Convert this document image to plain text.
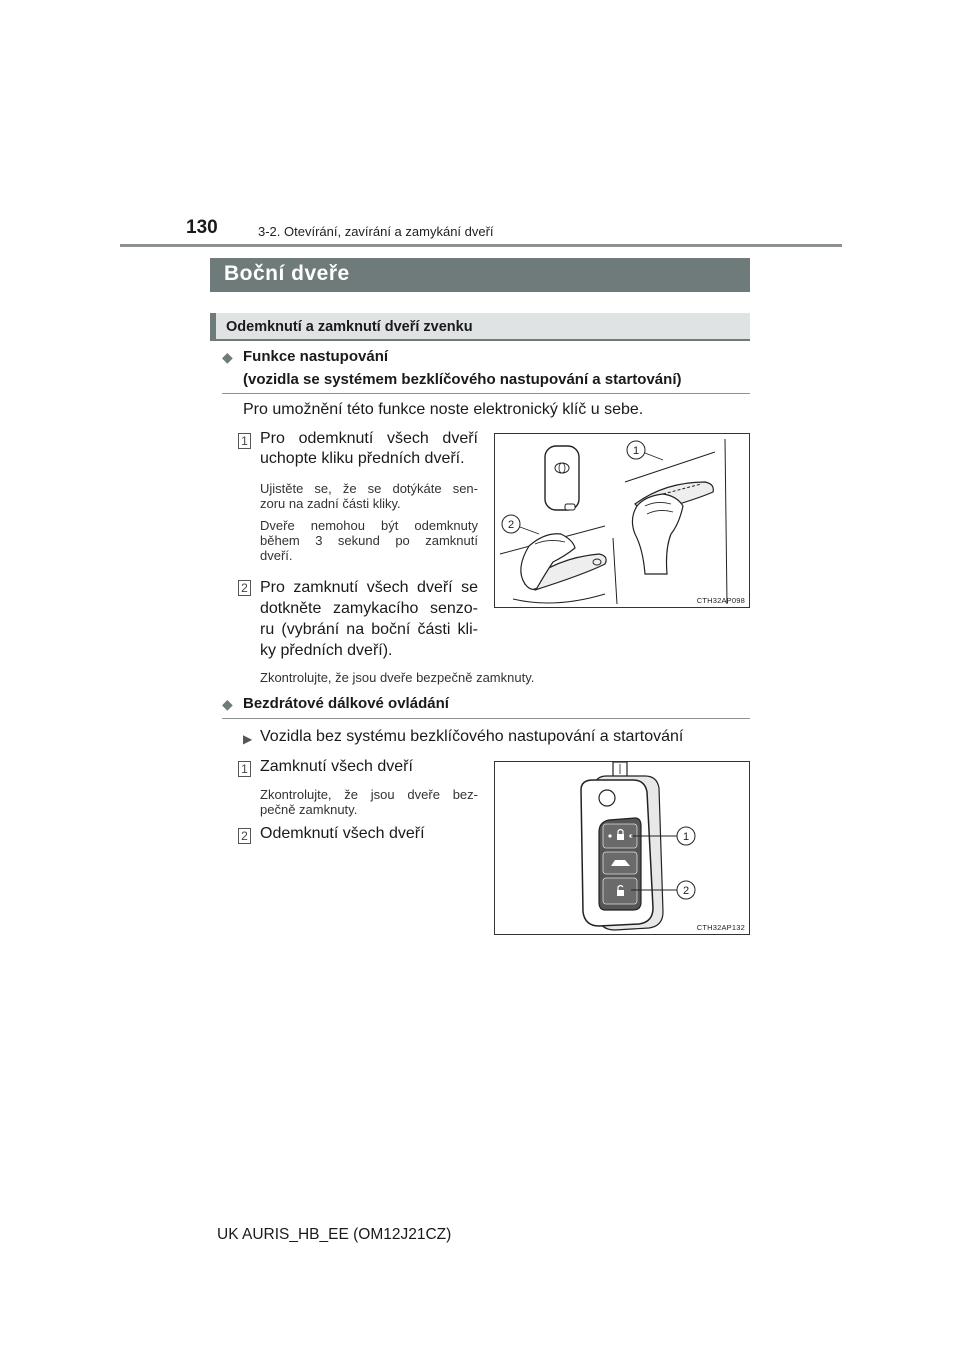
130	3-2. Otevírání, zavírání a zamykání dveří
Boční dveře
Odemknutí a zamknutí dveří zvenku
◆ Funkce nastupování
(vozidla se systémem bezklíčového nastupování a startování)
Pro umožnění této funkce noste elektronický klíč u sebe.
1 Pro odemknutí všech dveří
uchopte kliku předních dveří.
Ujistěte se, že se dotýkáte sen-
zoru na zadní části kliky.
Dveře nemohou být odemknuty
během 3 sekund po zamknutí
dveří.
2 Pro zamknutí všech dveří se
dotkněte zamykacího senzo-
ru (vybrání na boční části kli-
ky předních dveří).
Zkontrolujte, že jsou dveře bezpečně zamknuty.
1
2
CTH32AP098
◆ Bezdrátové dálkové ovládání
▶ Vozidla bez systému bezklíčového nastupování a startování
1 Zamknutí všech dveří
Zkontrolujte, že jsou dveře bez-
pečně zamknuty.
2 Odemknutí všech dveří	1
2
CTH32AP132
UK AURIS_HB_EE (OM12J21CZ)
